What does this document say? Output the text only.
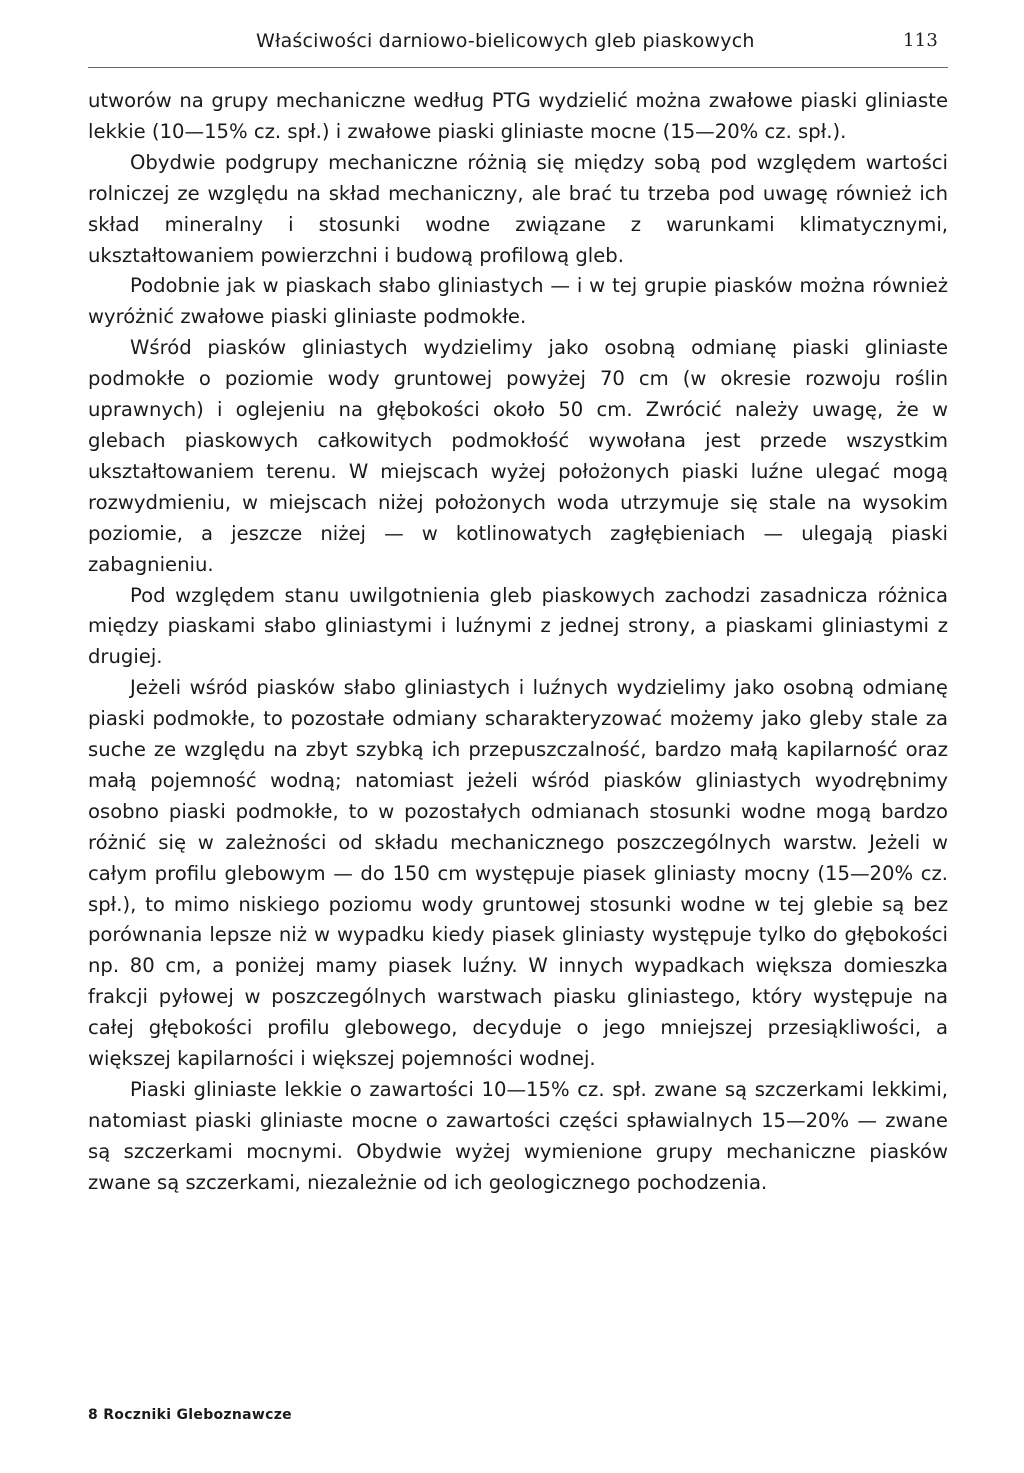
Właściwości darniowo-bielicowych gleb piaskowych	113

utworów na grupy mechaniczne według PTG wydzielić można zwałowe piaski gliniaste lekkie (10—15% cz. spł.) i zwałowe piaski gliniaste mocne (15—20% cz. spł.).

Obydwie podgrupy mechaniczne różnią się między sobą pod względem wartości rolniczej ze względu na skład mechaniczny, ale brać tu trzeba pod uwagę również ich skład mineralny i stosunki wodne związane z warunkami klimatycznymi, ukształtowaniem powierzchni i budową profilową gleb.

Podobnie jak w piaskach słabo gliniastych — i w tej grupie piasków można również wyróżnić zwałowe piaski gliniaste podmokłe.

Wśród piasków gliniastych wydzielimy jako osobną odmianę piaski gliniaste podmokłe o poziomie wody gruntowej powyżej 70 cm (w okresie rozwoju roślin uprawnych) i oglejeniu na głębokości około 50 cm. Zwrócić należy uwagę, że w glebach piaskowych całkowitych podmokłość wywołana jest przede wszystkim ukształtowaniem terenu. W miejscach wyżej położonych piaski luźne ulegać mogą rozwydmieniu, w miejscach niżej położonych woda utrzymuje się stale na wysokim poziomie, a jeszcze niżej — w kotlinowatych zagłębieniach — ulegają piaski zabagnieniu.

Pod względem stanu uwilgotnienia gleb piaskowych zachodzi zasadnicza różnica między piaskami słabo gliniastymi i luźnymi z jednej strony, a piaskami gliniastymi z drugiej.

Jeżeli wśród piasków słabo gliniastych i luźnych wydzielimy jako osobną odmianę piaski podmokłe, to pozostałe odmiany scharakteryzować możemy jako gleby stale za suche ze względu na zbyt szybką ich przepuszczalność, bardzo małą kapilarność oraz małą pojemność wodną; natomiast jeżeli wśród piasków gliniastych wyodrębnimy osobno piaski podmokłe, to w pozostałych odmianach stosunki wodne mogą bardzo różnić się w zależności od składu mechanicznego poszczególnych warstw. Jeżeli w całym profilu glebowym — do 150 cm występuje piasek gliniasty mocny (15—20% cz. spł.), to mimo niskiego poziomu wody gruntowej stosunki wodne w tej glebie są bez porównania lepsze niż w wypadku kiedy piasek gliniasty występuje tylko do głębokości np. 80 cm, a poniżej mamy piasek luźny. W innych wypadkach większa domieszka frakcji pyłowej w poszczególnych warstwach piasku gliniastego, który występuje na całej głębokości profilu glebowego, decyduje o jego mniejszej przesiąkliwości, a większej kapilarności i większej pojemności wodnej.

Piaski gliniaste lekkie o zawartości 10—15% cz. spł. zwane są szczerkami lekkimi, natomiast piaski gliniaste mocne o zawartości części spławialnych 15—20% — zwane są szczerkami mocnymi. Obydwie wyżej wymienione grupy mechaniczne piasków zwane są szczerkami, niezależnie od ich geologicznego pochodzenia.

8 Roczniki Gleboznawcze
